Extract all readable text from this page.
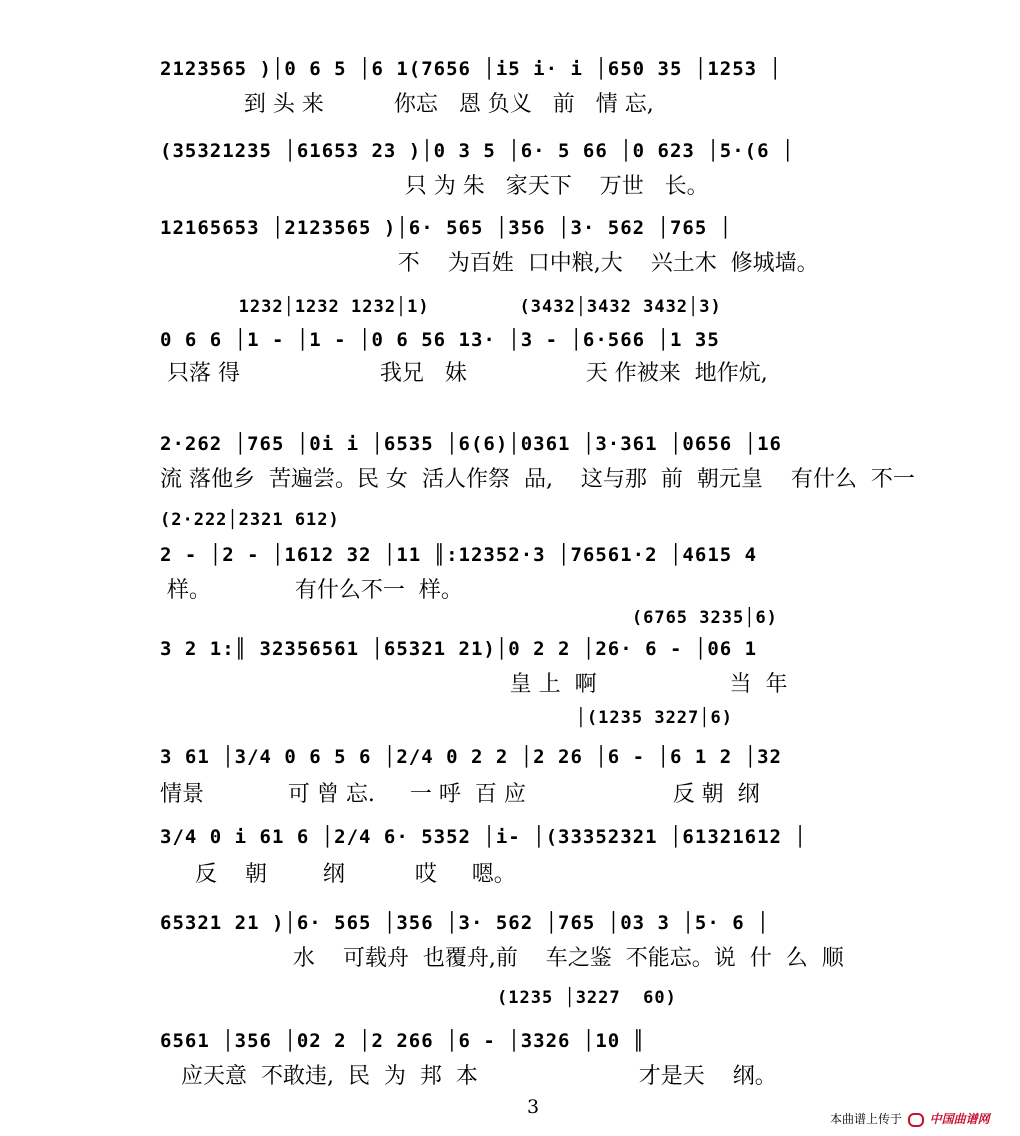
2123565 )│0 6 5 │6 1(7656 │i5 i· i │650 35 │1253 │
到 头 来          你忘   恩 负义   前   情 忘,
(35321235 │61653 23 )│0 3 5 │6· 5 66 │0 623 │5·(6 │
只 为 朱   家天下    万世   长。
12165653 │2123565 )│6· 565 │356 │3· 562 │765 │
不    为百姓  口中粮,大    兴土木  修城墙。
1232│1232 1232│1)        (3432│3432 3432│3)
0 6 6 │1 - │1 - │0 6 56 13· │3 - │6·566 │1 35
只落 得                    我兄   妹                 天 作被来  地作炕,
2·262 │765 │0i i │6535 │6(6)│0361 │3·361 │0656 │16
流 落他乡  苦遍尝。民 女  活人作祭  品,    这与那  前  朝元皇    有什么  不一
(2·222│2321 612)
2 - │2 - │1612 32 │11 ║:12352·3 │76561·2 │4615 4
样。            有什么不一  样。
(6765 3235│6)
3 2 1:║ 32356561 │65321 21)│0 2 2 │26· 6 - │06 1
皇 上  啊                   当  年
│(1235 3227│6)
3 61 │3/4 0 6 5 6 │2/4 0 2 2 │2 26 │6 - │6 1 2 │32
情景            可 曾 忘.     一 呼  百 应                     反 朝  纲
3/4 0 i 61 6 │2/4 6· 5352 │i- │(33352321 │61321612 │
反    朝        纲          哎     嗯。
65321 21 )│6· 565 │356 │3· 562 │765 │03 3 │5· 6 │
水    可载舟  也覆舟,前    车之鉴  不能忘。说  什  么  顺
(1235 │3227  60)
6561 │356 │02 2 │2 266 │6 - │3326 │10 ║
应天意  不敢违,  民  为  邦  本                       才是天    纲。
3
本曲谱上传于 中国曲谱网
